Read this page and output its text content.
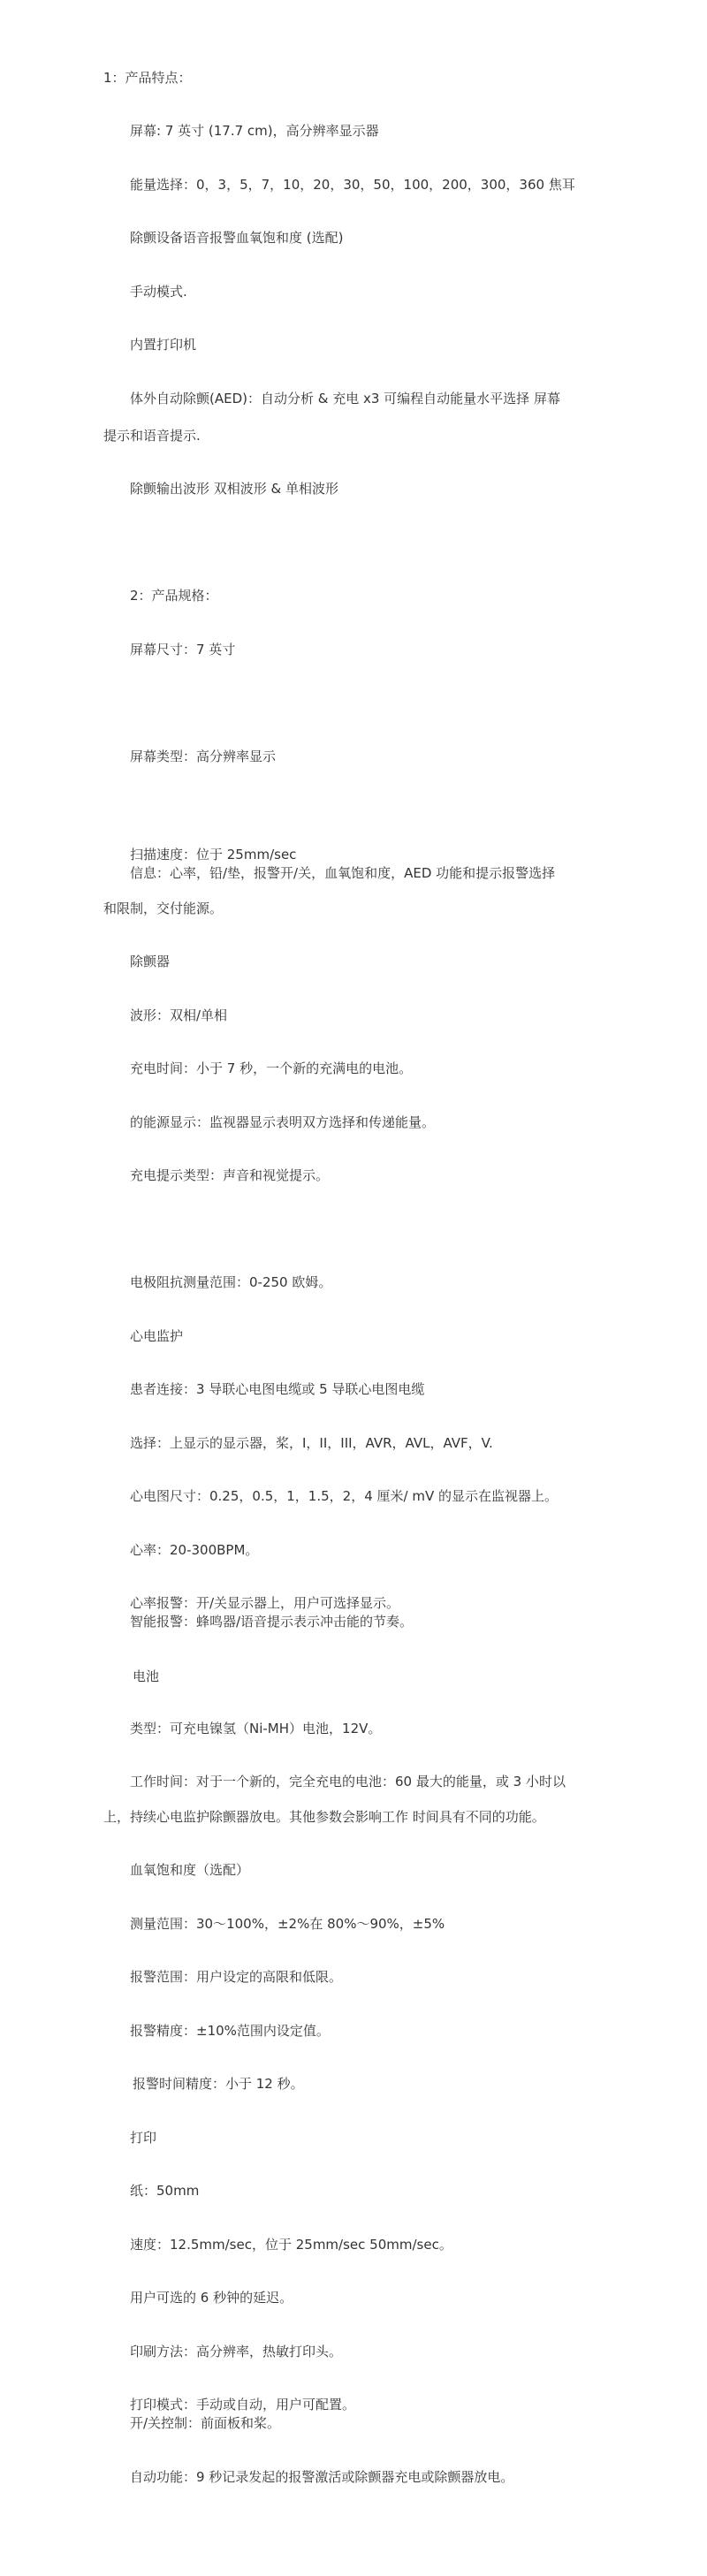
1：产品特点：
屏幕: 7 英寸 (17.7 cm)，高分辨率显示器
能量选择：0，3，5，7，10，20，30，50，100，200，300，360 焦耳
除颤设备语音报警血氧饱和度 (选配)
手动模式.
内置打印机
体外自动除颤(AED)：自动分析 & 充电 x3 可编程自动能量水平选择 屏幕
提示和语音提示.
除颤输出波形 双相波形 & 单相波形
2：产品规格：
屏幕尺寸：7 英寸
屏幕类型：高分辨率显示
扫描速度：位于 25mm/sec
信息：心率，铅/垫，报警开/关，血氧饱和度，AED 功能和提示报警选择
和限制，交付能源。
除颤器
波形：双相/单相
充电时间：小于 7 秒，一个新的充满电的电池。
的能源显示：监视器显示表明双方选择和传递能量。
充电提示类型：声音和视觉提示。
电极阻抗测量范围：0-250 欧姆。
心电监护
患者连接：3 导联心电图电缆或 5 导联心电图电缆
选择：上显示的显示器，桨，I，II，III，AVR，AVL，AVF，V.
心电图尺寸：0.25，0.5，1，1.5，2，4 厘米/ mV 的显示在监视器上。
心率：20-300BPM。
心率报警：开/关显示器上，用户可选择显示。
智能报警：蜂鸣器/语音提示表示冲击能的节奏。
电池
类型：可充电镍氢（Ni-MH）电池，12V。
工作时间：对于一个新的，完全充电的电池：60 最大的能量，或 3 小时以
上，持续心电监护除颤器放电。其他参数会影响工作 时间具有不同的功能。
血氧饱和度（选配）
测量范围：30～100%，±2%在 80%～90%，±5%
报警范围：用户设定的高限和低限。
报警精度：±10%范围内设定值。
报警时间精度：小于 12 秒。
打印
纸：50mm
速度：12.5mm/sec，位于 25mm/sec 50mm/sec。
用户可选的 6 秒钟的延迟。
印刷方法：高分辨率，热敏打印头。
打印模式：手动或自动，用户可配置。
开/关控制：前面板和桨。
自动功能：9 秒记录发起的报警激活或除颤器充电或除颤器放电。
